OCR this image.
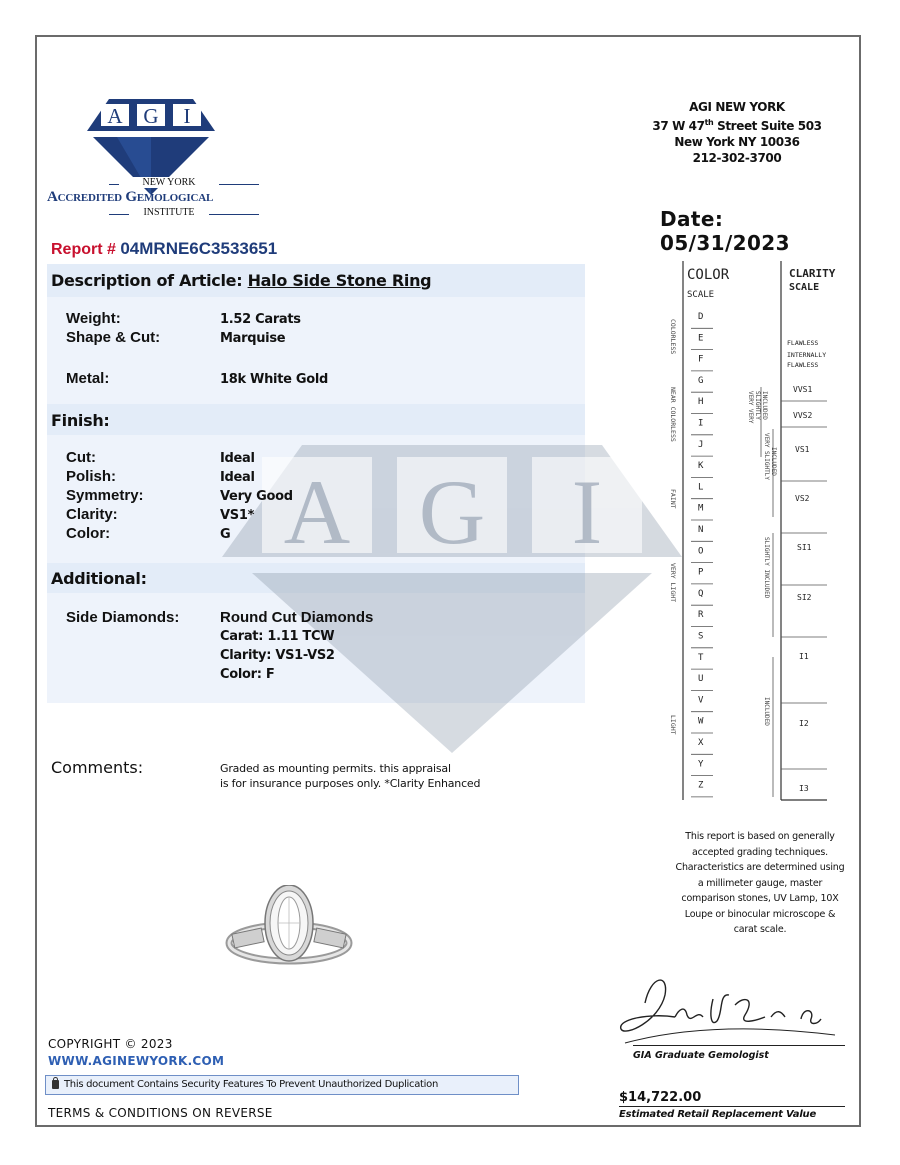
A G I
A G I
NEW YORK
Accredited Gemological
INSTITUTE
AGI NEW YORK
37 W 47th Street Suite 503
New York NY 10036
212-302-3700
Date: 05/31/2023
Report # 04MRNE6C3533651
Description of Article: Halo Side Stone Ring
Weight:	1.52 Carats
Shape & Cut:	Marquise
Metal:	18k White Gold
Finish:
Cut:	Ideal
Polish:	Ideal
Symmetry:	Very Good
Clarity:	VS1*
Color:	G
Additional:
Side Diamonds:	Round Cut Diamonds
Carat: 1.11 TCW
Clarity: VS1-VS2
Color: F
Comments:	Graded as mounting permits. this appraisal
is for insurance purposes only. *Clarity Enhanced
COLOR
SCALE
CLARITY
SCALE
D
E
F
G
H
I
J
K
L
M
N
O
P
Q
R
S
T
U
V
W
X
Y
Z
COLORLESS
NEAR COLORLESS
FAINT
VERY LIGHT
LIGHT
FLAWLESS
INTERNALLY
FLAWLESS
VVS1
VVS2
VS1
VS2
SI1
SI2
I1
I2
I3
VERY VERY SLIGHTLY INCLUDED
VERY SLIGHTLY INCLUDED
SLIGHTLY INCLUDED
INCLUDED
This report is based on generally accepted grading techniques. Characteristics are determined using a millimeter gauge, master comparison stones, UV Lamp, 10X Loupe or binocular microscope & carat scale.
GIA Graduate Gemologist
$14,722.00
Estimated Retail Replacement Value
COPYRIGHT © 2023
WWW.AGINEWYORK.COM
This document Contains Security Features To Prevent Unauthorized Duplication
TERMS & CONDITIONS ON REVERSE
